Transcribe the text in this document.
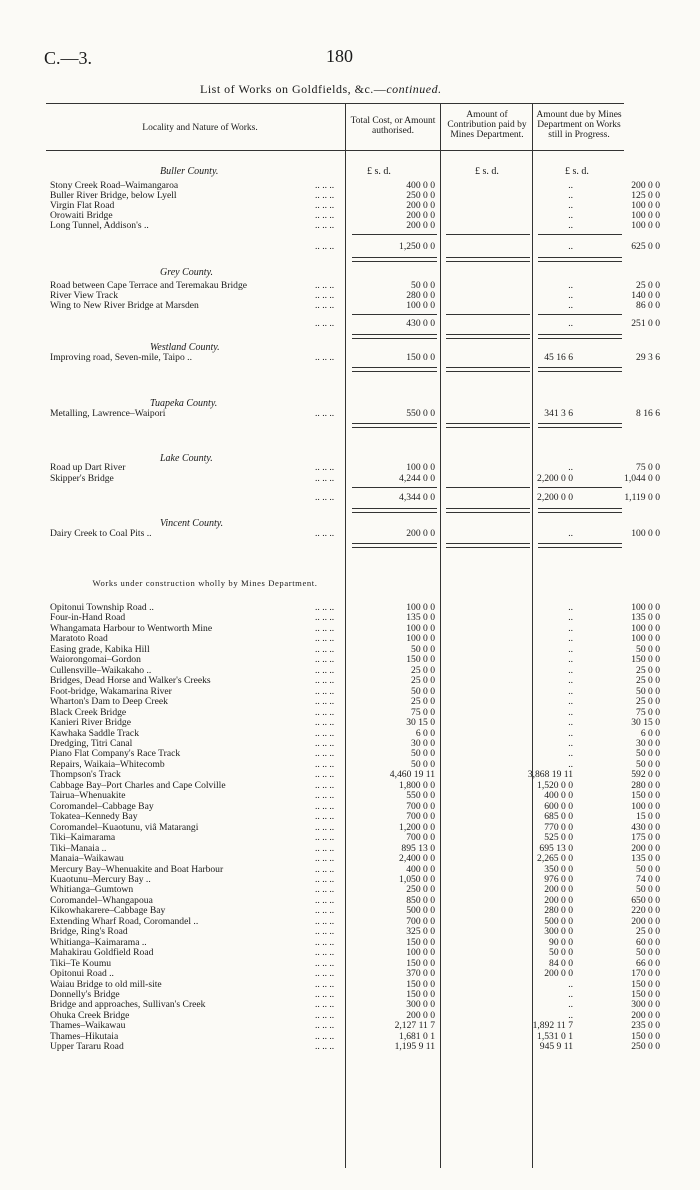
C.—3.	180
List of Works on Goldfields, &c.—continued.
Locality and Nature of Works.
Total Cost, or Amount authorised.
Amount of Contribution paid by Mines Department.
Amount due by Mines Department on Works still in Progress.
£ s. d.	£ s. d.	£ s. d.
Works under construction wholly by Mines Department.
Buller County.
Stony Creek Road–Waimangaroa	.. .. ..	400 0 0	..	200 0 0
Buller River Bridge, below Lyell	.. .. ..	250 0 0	..	125 0 0
Virgin Flat Road	.. .. ..	200 0 0	..	100 0 0
Orowaiti Bridge	.. .. ..	200 0 0	..	100 0 0
Long Tunnel, Addison's ..	.. .. ..	200 0 0	..	100 0 0
.. .. ..	1,250 0 0	..	625 0 0
Grey County.
Road between Cape Terrace and Teremakau Bridge	.. .. ..	50 0 0	..	25 0 0
River View Track	.. .. ..	280 0 0	..	140 0 0
Wing to New River Bridge at Marsden	.. .. ..	100 0 0	..	86 0 0
.. .. ..	430 0 0	..	251 0 0
Westland County.
Improving road, Seven-mile, Taipo ..	.. .. ..	150 0 0	45 16 6	29 3 6
Tuapeka County.
Metalling, Lawrence–Waipori	.. .. ..	550 0 0	341 3 6	8 16 6
Lake County.
Road up Dart River	.. .. ..	100 0 0	..	75 0 0
Skipper's Bridge	.. .. ..	4,244 0 0	2,200 0 0	1,044 0 0
.. .. ..	4,344 0 0	2,200 0 0	1,119 0 0
Vincent County.
Dairy Creek to Coal Pits ..	.. .. ..	200 0 0	..	100 0 0
Opitonui Township Road ..	.. .. ..	100 0 0	..	100 0 0
Four-in-Hand Road	.. .. ..	135 0 0	..	135 0 0
Whangamata Harbour to Wentworth Mine	.. .. ..	100 0 0	..	100 0 0
Maratoto Road	.. .. ..	100 0 0	..	100 0 0
Easing grade, Kabika Hill	.. .. ..	50 0 0	..	50 0 0
Waiorongomai–Gordon	.. .. ..	150 0 0	..	150 0 0
Cullensville–Waikakaho ..	.. .. ..	25 0 0	..	25 0 0
Bridges, Dead Horse and Walker's Creeks	.. .. ..	25 0 0	..	25 0 0
Foot-bridge, Wakamarina River	.. .. ..	50 0 0	..	50 0 0
Wharton's Dam to Deep Creek	.. .. ..	25 0 0	..	25 0 0
Black Creek Bridge	.. .. ..	75 0 0	..	75 0 0
Kanieri River Bridge	.. .. ..	30 15 0	..	30 15 0
Kawhaka Saddle Track	.. .. ..	6 0 0	..	6 0 0
Dredging, Titri Canal	.. .. ..	30 0 0	..	30 0 0
Piano Flat Company's Race Track	.. .. ..	50 0 0	..	50 0 0
Repairs, Waikaia–Whitecomb	.. .. ..	50 0 0	..	50 0 0
Thompson's Track	.. .. ..	4,460 19 11	3,868 19 11	592 0 0
Cabbage Bay–Port Charles and Cape Colville	.. .. ..	1,800 0 0	1,520 0 0	280 0 0
Tairua–Whenuakite	.. .. ..	550 0 0	400 0 0	150 0 0
Coromandel–Cabbage Bay	.. .. ..	700 0 0	600 0 0	100 0 0
Tokatea–Kennedy Bay	.. .. ..	700 0 0	685 0 0	15 0 0
Coromandel–Kuaotunu, viâ Matarangi	.. .. ..	1,200 0 0	770 0 0	430 0 0
Tiki–Kaimarama	.. .. ..	700 0 0	525 0 0	175 0 0
Tiki–Manaia ..	.. .. ..	895 13 0	695 13 0	200 0 0
Manaia–Waikawau	.. .. ..	2,400 0 0	2,265 0 0	135 0 0
Mercury Bay–Whenuakite and Boat Harbour	.. .. ..	400 0 0	350 0 0	50 0 0
Kuaotunu–Mercury Bay ..	.. .. ..	1,050 0 0	976 0 0	74 0 0
Whitianga–Gumtown	.. .. ..	250 0 0	200 0 0	50 0 0
Coromandel–Whangapoua	.. .. ..	850 0 0	200 0 0	650 0 0
Kikowhakarere–Cabbage Bay	.. .. ..	500 0 0	280 0 0	220 0 0
Extending Wharf Road, Coromandel ..	.. .. ..	700 0 0	500 0 0	200 0 0
Bridge, Ring's Road	.. .. ..	325 0 0	300 0 0	25 0 0
Whitianga–Kaimarama ..	.. .. ..	150 0 0	90 0 0	60 0 0
Mahakirau Goldfield Road	.. .. ..	100 0 0	50 0 0	50 0 0
Tiki–Te Koumu	.. .. ..	150 0 0	84 0 0	66 0 0
Opitonui Road ..	.. .. ..	370 0 0	200 0 0	170 0 0
Waiau Bridge to old mill-site	.. .. ..	150 0 0	..	150 0 0
Donnelly's Bridge	.. .. ..	150 0 0	..	150 0 0
Bridge and approaches, Sullivan's Creek	.. .. ..	300 0 0	..	300 0 0
Ohuka Creek Bridge	.. .. ..	200 0 0	..	200 0 0
Thames–Waikawau	.. .. ..	2,127 11 7	1,892 11 7	235 0 0
Thames–Hikutaia	.. .. ..	1,681 0 1	1,531 0 1	150 0 0
Upper Tararu Road	.. .. ..	1,195 9 11	945 9 11	250 0 0
